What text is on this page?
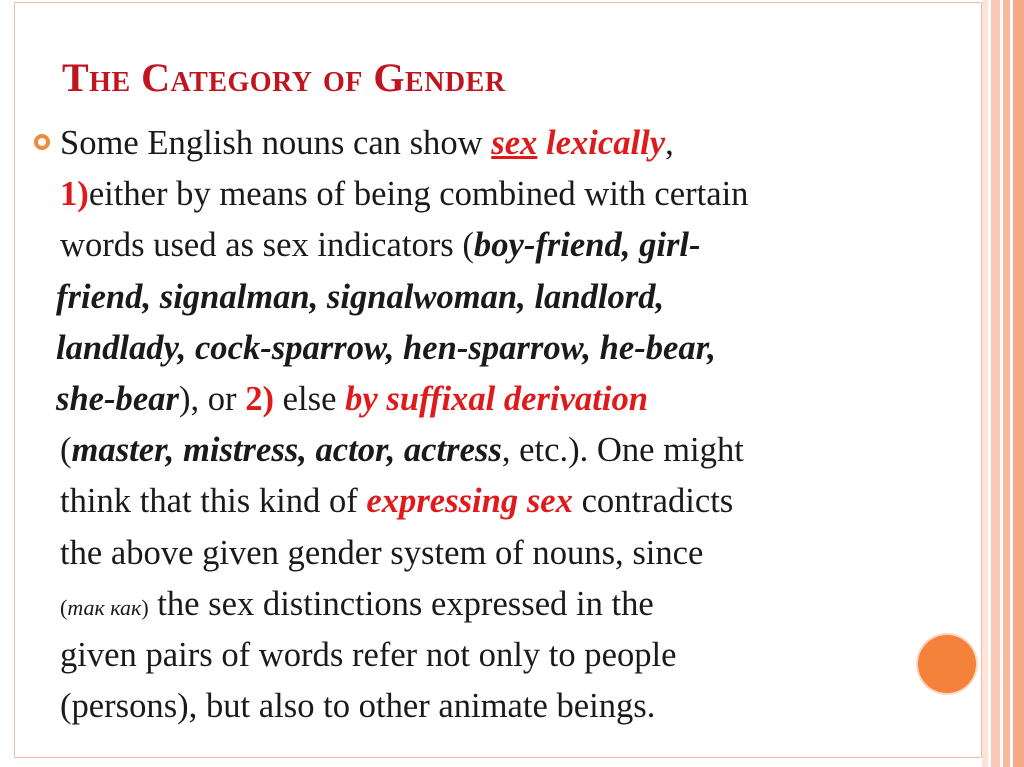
The Category of Gender
Some English nouns can show sex lexically,
1)either by means of being combined with certain
words used as sex indicators (boy-friend, girl-
friend, signalman, signalwoman, landlord,
landlady, cock-sparrow, hen-sparrow, he-bear,
she-bear), or 2) else by suffixal derivation
(master, mistress, actor, actress, etc.). One might
think that this kind of expressing sex contradicts
the above given gender system of nouns, since
(так как) the sex distinctions expressed in the
given pairs of words refer not only to people
(persons), but also to other animate beings.
